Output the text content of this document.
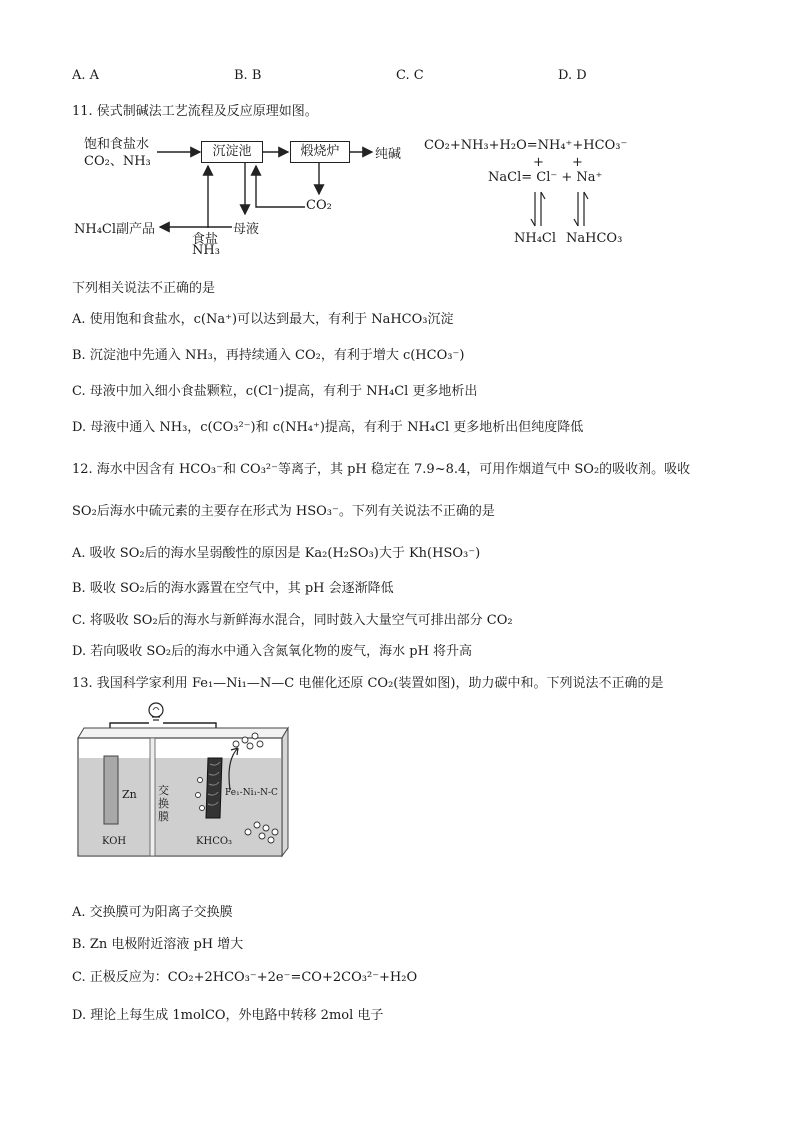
A. A	B. B	C. C	D. D
11. 侯式制碱法工艺流程及反应原理如图。
饱和食盐水
CO₂、NH₃
沉淀池	煅烧炉	纯碱
CO₂
母液
NH₄Cl副产品
食盐
NH₃
CO₂+NH₃+H₂O=NH₄⁺+HCO₃⁻
+ +
NaCl= Cl⁻ + Na⁺
NH₄Cl NaHCO₃
下列相关说法不正确的是
A. 使用饱和食盐水，c(Na⁺)可以达到最大，有利于 NaHCO₃沉淀
B. 沉淀池中先通入 NH₃，再持续通入 CO₂，有利于增大 c(HCO₃⁻)
C. 母液中加入细小食盐颗粒，c(Cl⁻)提高，有利于 NH₄Cl 更多地析出
D. 母液中通入 NH₃，c(CO₃²⁻)和 c(NH₄⁺)提高，有利于 NH₄Cl 更多地析出但纯度降低
12. 海水中因含有 HCO₃⁻和 CO₃²⁻等离子，其 pH 稳定在 7.9~8.4，可用作烟道气中 SO₂的吸收剂。吸收
SO₂后海水中硫元素的主要存在形式为 HSO₃⁻。下列有关说法不正确的是
A. 吸收 SO₂后的海水呈弱酸性的原因是 Ka₂(H₂SO₃)大于 Kh(HSO₃⁻)
B. 吸收 SO₂后的海水露置在空气中，其 pH 会逐渐降低
C. 将吸收 SO₂后的海水与新鲜海水混合，同时鼓入大量空气可排出部分 CO₂
D. 若向吸收 SO₂后的海水中通入含氮氧化物的废气，海水 pH 将升高
13. 我国科学家利用 Fe₁—Ni₁—N—C 电催化还原 CO₂(装置如图)，助力碳中和。下列说法不正确的是
Zn 交
换
膜
Fe₁-Ni₁-N-C
KOH	KHCO₃
A. 交换膜可为阳离子交换膜
B. Zn 电极附近溶液 pH 增大
C. 正极反应为：CO₂+2HCO₃⁻+2e⁻=CO+2CO₃²⁻+H₂O
D. 理论上每生成 1molCO，外电路中转移 2mol 电子
